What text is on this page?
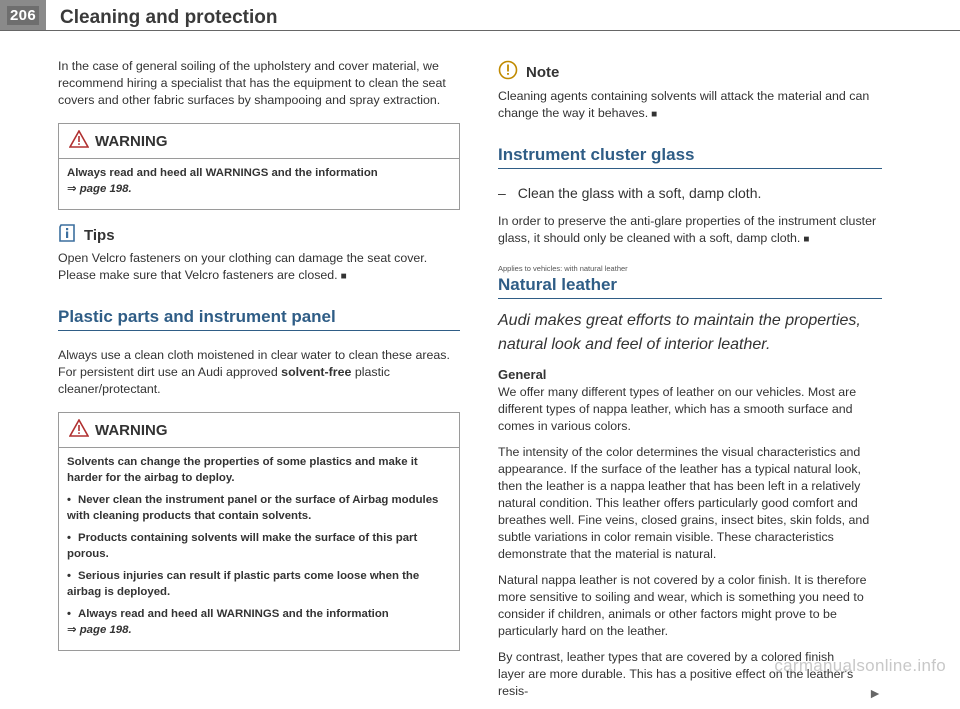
206 Cleaning and protection

In the case of general soiling of the upholstery and cover material, we recommend hiring a specialist that has the equipment to clean the seat covers and other fabric surfaces by shampooing and spray extraction.

WARNING

Always read and heed all WARNINGS and the information
⇒ page 198.

Tips

Open Velcro fasteners on your clothing can damage the seat cover. Please make sure that Velcro fasteners are closed. ■

Plastic parts and instrument panel

Always use a clean cloth moistened in clear water to clean these areas. For persistent dirt use an Audi approved solvent-free plastic cleaner/protectant.

WARNING

Solvents can change the properties of some plastics and make it harder for the airbag to deploy.

• Never clean the instrument panel or the surface of Airbag modules with cleaning products that contain solvents.

• Products containing solvents will make the surface of this part porous.

• Serious injuries can result if plastic parts come loose when the airbag is deployed.

• Always read and heed all WARNINGS and the information
⇒ page 198.

Note

Cleaning agents containing solvents will attack the material and can change the way it behaves. ■

Instrument cluster glass
– Clean the glass with a soft, damp cloth.

In order to preserve the anti-glare properties of the instrument cluster glass, it should only be cleaned with a soft, damp cloth. ■

Applies to vehicles: with natural leather
Natural leather
Audi makes great efforts to maintain the properties, natural look and feel of interior leather.
General

We offer many different types of leather on our vehicles. Most are different types of nappa leather, which has a smooth surface and comes in various colors.

The intensity of the color determines the visual characteristics and appearance. If the surface of the leather has a typical natural look, then the leather is a nappa leather that has been left in a relatively natural condition. This leather offers particularly good comfort and breathes well. Fine veins, closed grains, insect bites, skin folds, and subtle variations in color remain visible. These characteristics demonstrate that the material is natural.

Natural nappa leather is not covered by a color finish. It is therefore more sensitive to soiling and wear, which is something you need to consider if children, animals or other factors might prove to be particularly hard on the leather.

By contrast, leather types that are covered by a colored finish layer are more durable. This has a positive effect on the leather's resis-	►

carmanualsonline.info
